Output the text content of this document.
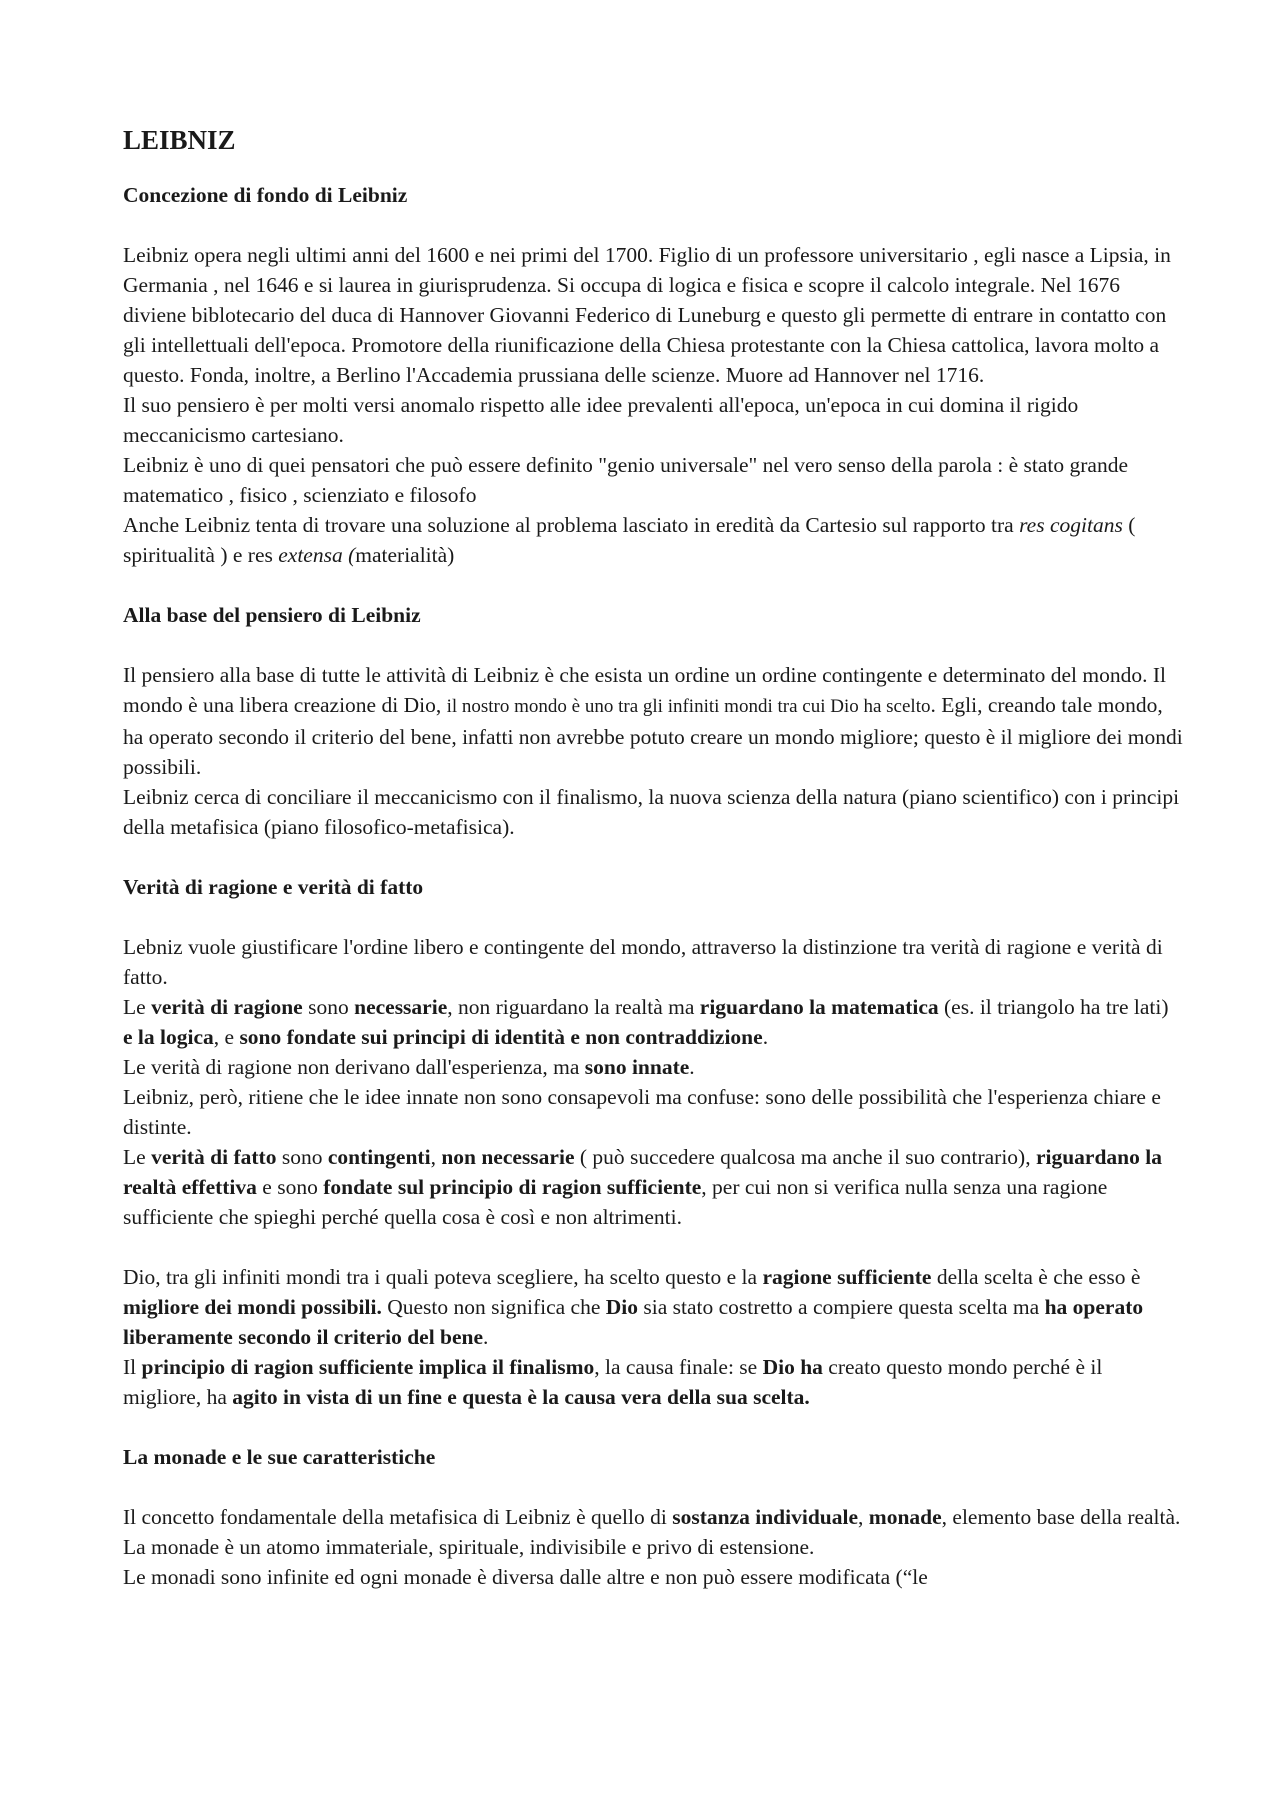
LEIBNIZ
Concezione di fondo di Leibniz

Leibniz opera negli ultimi anni del 1600 e nei primi del 1700. Figlio di un professore universitario , egli nasce a Lipsia, in Germania , nel 1646 e si laurea in giurisprudenza. Si occupa di logica e fisica e scopre il calcolo integrale. Nel 1676 diviene biblotecario del duca di Hannover Giovanni Federico di Luneburg e questo gli permette di entrare in contatto con gli intellettuali dell'epoca. Promotore della riunificazione della Chiesa protestante con la Chiesa cattolica, lavora molto a questo. Fonda, inoltre, a Berlino l'Accademia prussiana delle scienze. Muore ad Hannover nel 1716.

Il suo pensiero è per molti versi anomalo rispetto alle idee prevalenti all'epoca, un'epoca in cui domina il rigido meccanicismo cartesiano.

Leibniz è uno di quei pensatori che può essere definito "genio universale" nel vero senso della parola : è stato grande matematico , fisico , scienziato e filosofo

Anche Leibniz tenta di trovare una soluzione al problema lasciato in eredità da Cartesio sul rapporto tra res cogitans ( spiritualità ) e res extensa (materialità)

Alla base del pensiero di Leibniz

Il pensiero alla base di tutte le attività di Leibniz è che esista un ordine un ordine contingente e determinato del mondo. Il mondo è una libera creazione di Dio, il nostro mondo è uno tra gli infiniti mondi tra cui Dio ha scelto. Egli, creando tale mondo, ha operato secondo il criterio del bene, infatti non avrebbe potuto creare un mondo migliore; questo è il migliore dei mondi possibili.

Leibniz cerca di conciliare il meccanicismo con il finalismo, la nuova scienza della natura (piano scientifico) con i principi della metafisica (piano filosofico-metafisica).

Verità di ragione e verità di fatto

Lebniz vuole giustificare l'ordine libero e contingente del mondo, attraverso la distinzione tra verità di ragione e verità di fatto.

Le verità di ragione sono necessarie, non riguardano la realtà ma riguardano la matematica (es. il triangolo ha tre lati) e la logica, e sono fondate sui principi di identità e non contraddizione.

Le verità di ragione non derivano dall'esperienza, ma sono innate.

Leibniz, però, ritiene che le idee innate non sono consapevoli ma confuse: sono delle possibilità che l'esperienza chiare e distinte.

Le verità di fatto sono contingenti, non necessarie ( può succedere qualcosa ma anche il suo contrario), riguardano la realtà effettiva e sono fondate sul principio di ragion sufficiente, per cui non si verifica nulla senza una ragione sufficiente che spieghi perché quella cosa è così e non altrimenti.

Dio, tra gli infiniti mondi tra i quali poteva scegliere, ha scelto questo e la ragione sufficiente della scelta è che esso è migliore dei mondi possibili. Questo non significa che Dio sia stato costretto a compiere questa scelta ma ha operato liberamente secondo il criterio del bene.

Il principio di ragion sufficiente implica il finalismo, la causa finale: se Dio ha creato questo mondo perché è il migliore, ha agito in vista di un fine e questa è la causa vera della sua scelta.

La monade e le sue caratteristiche

Il concetto fondamentale della metafisica di Leibniz è quello di sostanza individuale, monade, elemento base della realtà.

La monade è un atomo immateriale, spirituale, indivisibile e privo di estensione.

Le monadi sono infinite ed ogni monade è diversa dalle altre e non può essere modificata (“le
